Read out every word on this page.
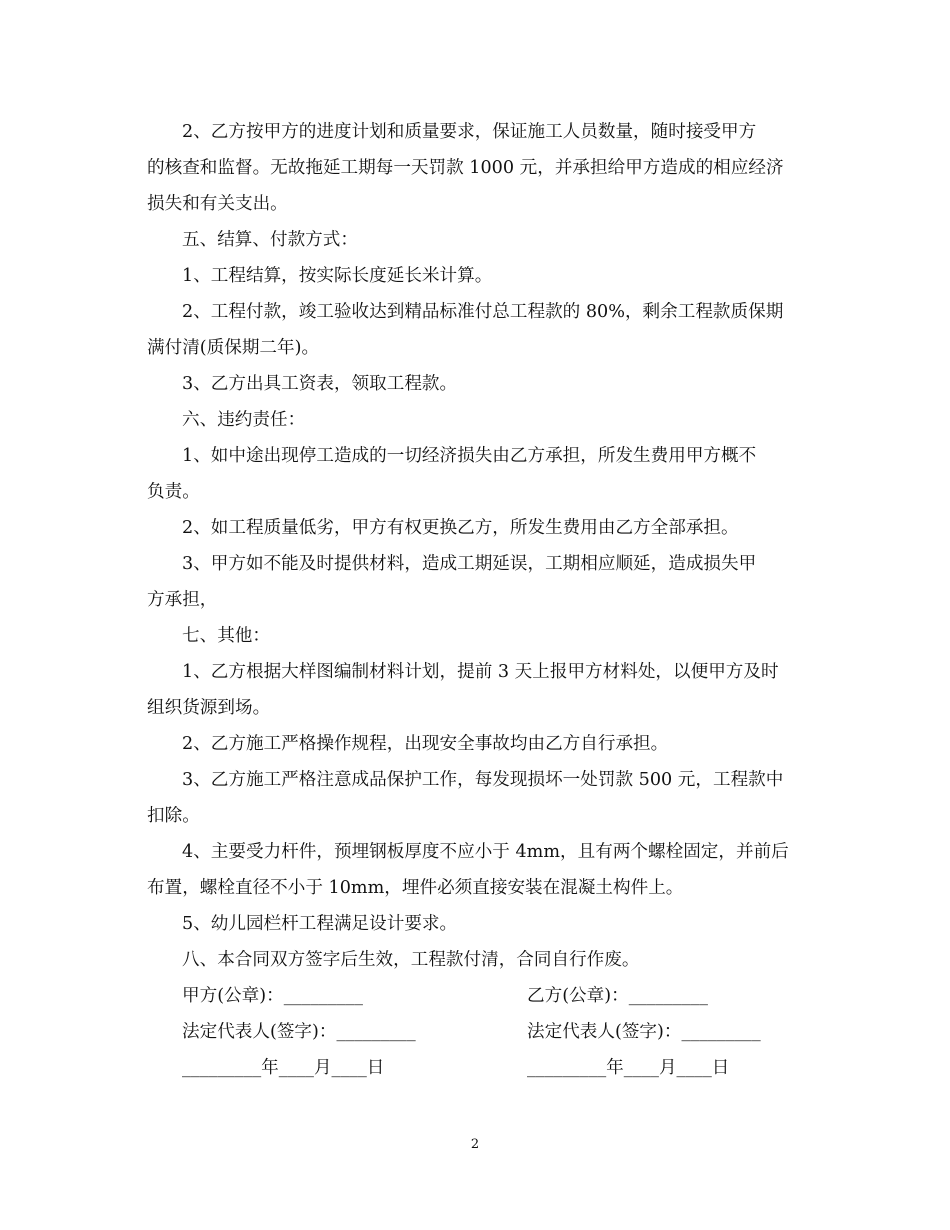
2、乙方按甲方的进度计划和质量要求，保证施工人员数量，随时接受甲方
的核查和监督。无故拖延工期每一天罚款 1000 元，并承担给甲方造成的相应经济
损失和有关支出。
五、结算、付款方式：
1、工程结算，按实际长度延长米计算。
2、工程付款，竣工验收达到精品标准付总工程款的 80%，剩余工程款质保期
满付清(质保期二年)。
3、乙方出具工资表，领取工程款。
六、违约责任：
1、如中途出现停工造成的一切经济损失由乙方承担，所发生费用甲方概不
负责。
2、如工程质量低劣，甲方有权更换乙方，所发生费用由乙方全部承担。
3、甲方如不能及时提供材料，造成工期延误，工期相应顺延，造成损失甲
方承担，
七、其他：
1、乙方根据大样图编制材料计划，提前 3 天上报甲方材料处，以便甲方及时
组织货源到场。
2、乙方施工严格操作规程，出现安全事故均由乙方自行承担。
3、乙方施工严格注意成品保护工作，每发现损坏一处罚款 500 元，工程款中
扣除。
4、主要受力杆件，预埋钢板厚度不应小于 4mm，且有两个螺栓固定，并前后
布置，螺栓直径不小于 10mm，埋件必须直接安装在混凝土构件上。
5、幼儿园栏杆工程满足设计要求。
八、本合同双方签字后生效，工程款付清，合同自行作废。
甲方(公章)：_________	乙方(公章)：_________
法定代表人(签字)：_________	法定代表人(签字)：_________
_________年____月____日	_________年____月____日
2
